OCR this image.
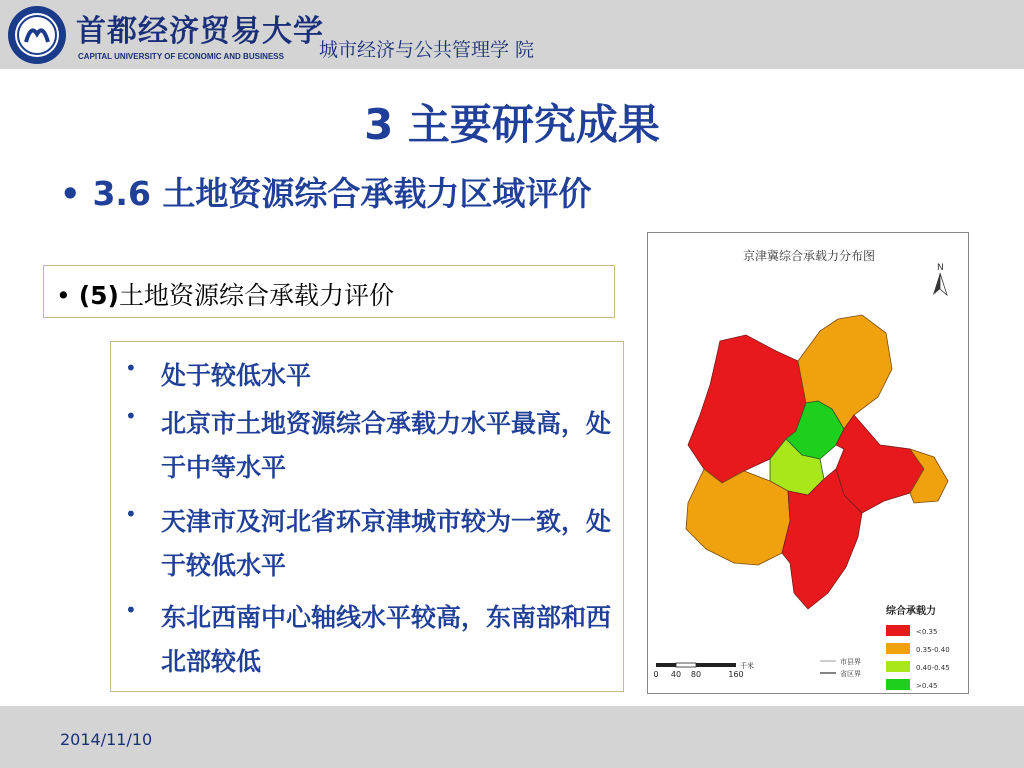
首都经济贸易大学
CAPITAL UNIVERSITY OF ECONOMIC AND BUSINESS 城市经济与公共管理学 院
3 主要研究成果
• 3.6 土地资源综合承载力区域评价
• (5)土地资源综合承载力评价
• 处于较低水平
• 北京市土地资源综合承载力水平最高，处于中等水平
• 天津市及河北省环京津城市较为一致，处于较低水平
• 东北西南中心轴线水平较高，东南部和西北部较低
京津冀综合承载力分布图
N
综合承载力
<0.35
0.35-0.40
0.40-0.45
>0.45
市县界
省区界
0 40 80	160
千米
2014/11/10
